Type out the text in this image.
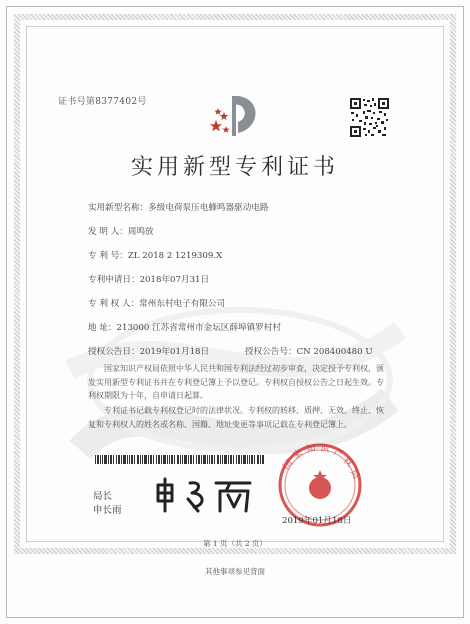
证书号第8377402号
实用新型专利证书
实用新型名称：多级电荷泵压电蜂鸣器驱动电路
发 明 人：周鸣放
专 利 号：ZL 2018 2 1219309.X
专利申请日：2018年07月31日
专 利 权 人：常州东村电子有限公司
地 址：213000 江苏省常州市金坛区薛埠镇罗村村
授权公告日：2019年01月18日	授权公告号：CN 208400480 U
国家知识产权局依照中华人民共和国专利法经过初步审查，决定授予专利权，颁发实用新型专利证书并在专利登记簿上予以登记。专利权自授权公告之日起生效。专利权期限为十年，自申请日起算。
专利证书记载专利权登记时的法律状况。专利权的转移、质押、无效、终止、恢复和专利权人的姓名或名称、国籍、地址变更等事项记载在专利登记簿上。
局长
申长雨
国
家 知 识 产
权
局
2019年01月18日
第 1 页（共 2 页）
其他事项参见背面
